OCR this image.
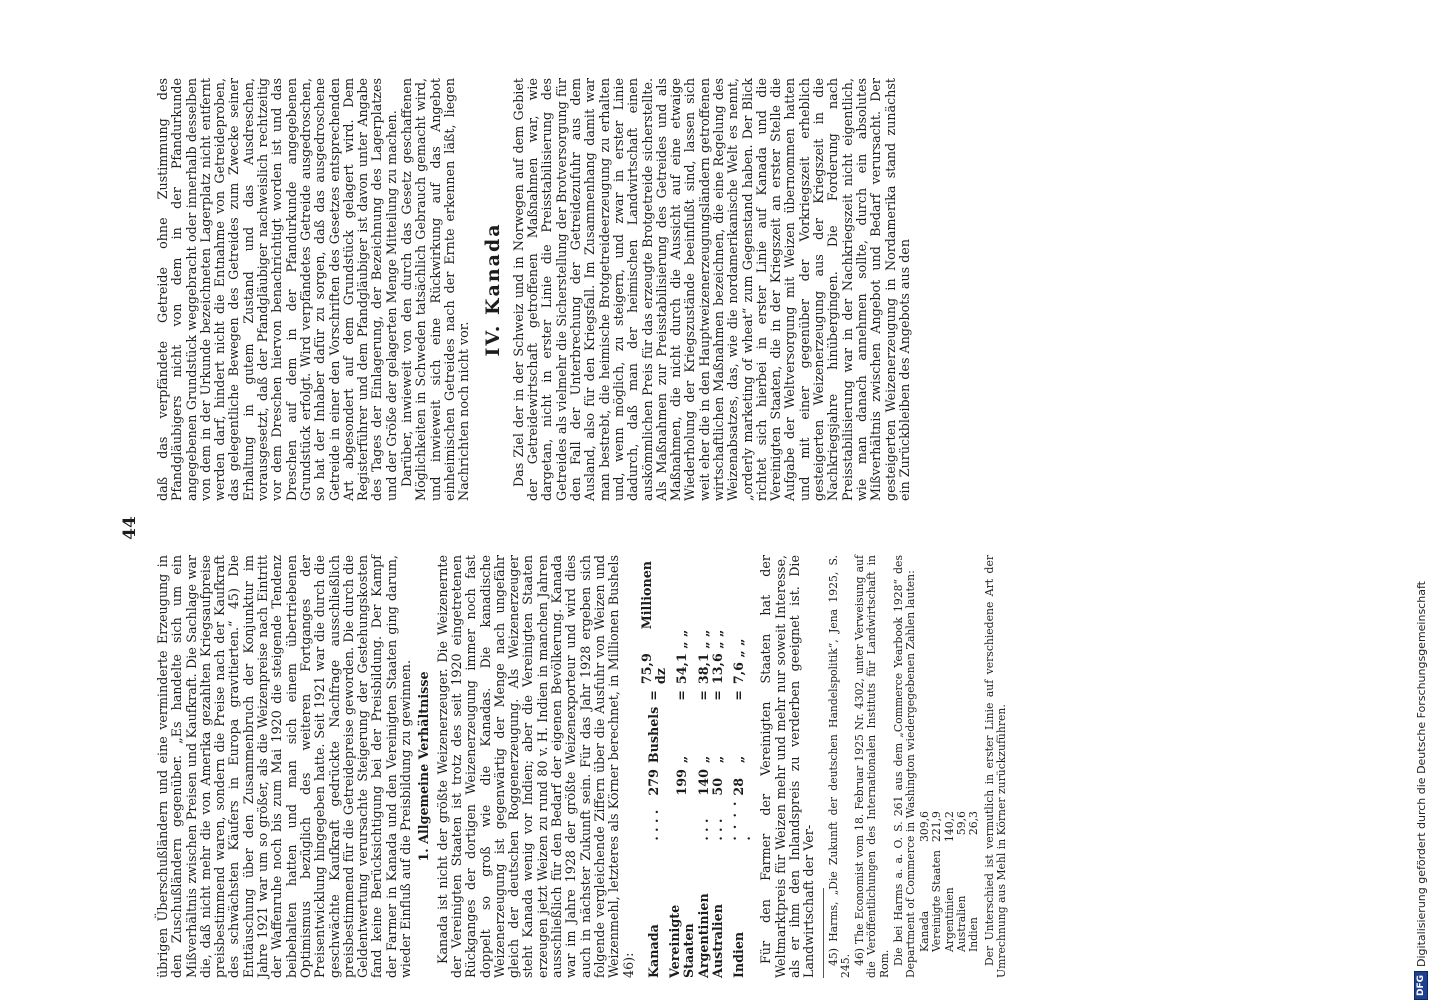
44

übrigen Überschußländern und eine verminderte Erzeugung in den Zuschußländern gegenüber. „Es handelte sich um ein Mißverhältnis zwischen Preisen und Kaufkraft. Die Sachlage war die, daß nicht mehr die von Amerika gezahlten Kriegsaufpreise preisbestimmend waren, sondern die Preise nach der Kaufkraft des schwächsten Käufers in Europa gravitierten.“ 45) Die Enttäuschung über den Zusammenbruch der Konjunktur im Jahre 1921 war um so größer, als die Weizenpreise nach Eintritt der Waffenruhe noch bis zum Mai 1920 die steigende Tendenz beibehalten hatten und man sich einem übertriebenen Optimismus bezüglich des weiteren Fortganges der Preisentwicklung hingegeben hatte. Seit 1921 war die durch die geschwächte Kaufkraft gedrückte Nachfrage ausschließlich preisbestimmend für die Getreidepreise geworden. Die durch die Geldentwertung verursachte Steigerung der Gestehungskosten fand keine Berücksichtigung bei der Preisbildung. Der Kampf der Farmer in Kanada und den Vereinigten Staaten ging darum, wieder Einfluß auf die Preisbildung zu gewinnen. 1. Allgemeine Verhältnisse Kanada ist nicht der größte Weizenerzeuger. Die Weizenernte der Vereinigten Staaten ist trotz des seit 1920 eingetretenen Rückganges der dortigen Weizenerzeugung immer noch fast doppelt so groß wie die Kanadas. Die kanadische Weizenerzeugung ist gegenwärtig der Menge nach ungefähr gleich der deutschen Roggenerzeugung. Als Weizenerzeuger steht Kanada wenig vor Indien; aber die Vereinigten Staaten erzeugen jetzt Weizen zu rund 80 v. H. Indien in manchen Jahren ausschließlich für den Bedarf der eigenen Bevölkerung. Kanada war im Jahre 1928 der größte Weizenexporteur und wird dies auch in nächster Zukunft sein. Für das Jahr 1928 ergeben sich folgende vergleichende Ziffern über die Ausfuhr von Weizen und Weizenmehl, letzteres als Körner berechnet, in Millionen Bushels 46): Kanada	. . . .	279	Bushels	=	75,9 Millionen dz
Vereinigte Staaten		199	„	=	54,1 „ „
Argentinien	. . .	140	„	=	38,1 „ „
Australien	. . .	50	„	=	13,6 „ „
Indien	. . . . .	28	„	=	7,6 „ „ Für den Farmer der Vereinigten Staaten hat der Weltmarktpreis für Weizen mehr und mehr nur soweit Interesse, als er ihm den Inlandspreis zu verderben geeignet ist. Die Landwirtschaft der Ver- 45) Harms, „Die Zukunft der deutschen Handelspolitik“, Jena 1925, S. 245. 46) The Economist vom 18. Februar 1925 Nr. 4302, unter Verweisung auf die Veröffentlichungen des Internationalen Instituts für Landwirtschaft in Rom. Die bei Harms a. a. O. S. 261 aus dem „Commerce Yearbook 1928“ des Department of Commerce in Washington wiedergegebenen Zahlen lauten: Kanada	309,6
Vereinigte Staaten	221,9
Argentinien	140,2
Australien	59,6
Indien	26,3 Der Unterschied ist vermutlich in erster Linie auf verschiedene Art der Umrechnung aus Mehl in Körner zurückzuführen.

daß das verpfändete Getreide ohne Zustimmung des Pfandgläubigers nicht von dem in der Pfandurkunde angegebenen Grundstück weggebracht oder innerhalb desselben von dem in der Urkunde bezeichneten Lagerplatz nicht entfernt werden darf, hindert nicht die Entnahme von Getreideproben, das gelegentliche Bewegen des Getreides zum Zwecke seiner Erhaltung in gutem Zustand und das Ausdreschen, vorausgesetzt, daß der Pfandgläubiger nachweislich rechtzeitig vor dem Dreschen hiervon benachrichtigt worden ist und das Dreschen auf dem in der Pfandurkunde angegebenen Grundstück erfolgt. Wird verpfändetes Getreide ausgedroschen, so hat der Inhaber dafür zu sorgen, daß das ausgedroschene Getreide in einer den Vorschriften des Gesetzes entsprechenden Art abgesondert auf dem Grundstück gelagert wird. Dem Registerführer und dem Pfandgläubiger ist davon unter Angabe des Tages der Einlagerung, der Bezeichnung des Lagerplatzes und der Größe der gelagerten Menge Mitteilung zu machen. Darüber, inwieweit von den durch das Gesetz geschaffenen Möglichkeiten in Schweden tatsächlich Gebrauch gemacht wird, und inwieweit sich eine Rückwirkung auf das Angebot einheimischen Getreides nach der Ernte erkennen läßt, liegen Nachrichten noch nicht vor.

IV. Kanada Das Ziel der in der Schweiz und in Norwegen auf dem Gebiet der Getreidewirtschaft getroffenen Maßnahmen war, wie dargetan, nicht in erster Linie die Preisstabilisierung des Getreides als vielmehr die Sicherstellung der Brotversorgung für den Fall der Unterbrechung der Getreidezufuhr aus dem Ausland, also für den Kriegsfall. Im Zusammenhang damit war man bestrebt, die heimische Brotgetreideerzeugung zu erhalten und, wenn möglich, zu steigern, und zwar in erster Linie dadurch, daß man der heimischen Landwirtschaft einen auskömmlichen Preis für das erzeugte Brotgetreide sicherstellte. Als Maßnahmen zur Preisstabilisierung des Getreides und als Maßnahmen, die nicht durch die Aussicht auf eine etwaige Wiederholung der Kriegszustände beeinflußt sind, lassen sich weit eher die in den Hauptweizenerzeugungsländern getroffenen wirtschaftlichen Maßnahmen bezeichnen, die eine Regelung des Weizenabsatzes, das, wie die nordamerikanische Welt es nennt, „orderly marketing of wheat“ zum Gegenstand haben. Der Blick richtet sich hierbei in erster Linie auf Kanada und die Vereinigten Staaten, die in der Kriegszeit an erster Stelle die Aufgabe der Weltversorgung mit Weizen übernommen hatten und mit einer gegenüber der Vorkriegszeit erheblich gesteigerten Weizenerzeugung aus der Kriegszeit in die Nachkriegsjahre hinübergingen. Die Forderung nach Preisstabilisierung war in der Nachkriegszeit nicht eigentlich, wie man danach annehmen sollte, durch ein absolutes Mißverhältnis zwischen Angebot und Bedarf verursacht. Der gesteigerten Weizenerzeugung in Nordamerika stand zunächst ein Zurückbleiben des Angebots aus den

DFG
Digitalisierung gefördert durch die Deutsche Forschungsgemeinschaft
